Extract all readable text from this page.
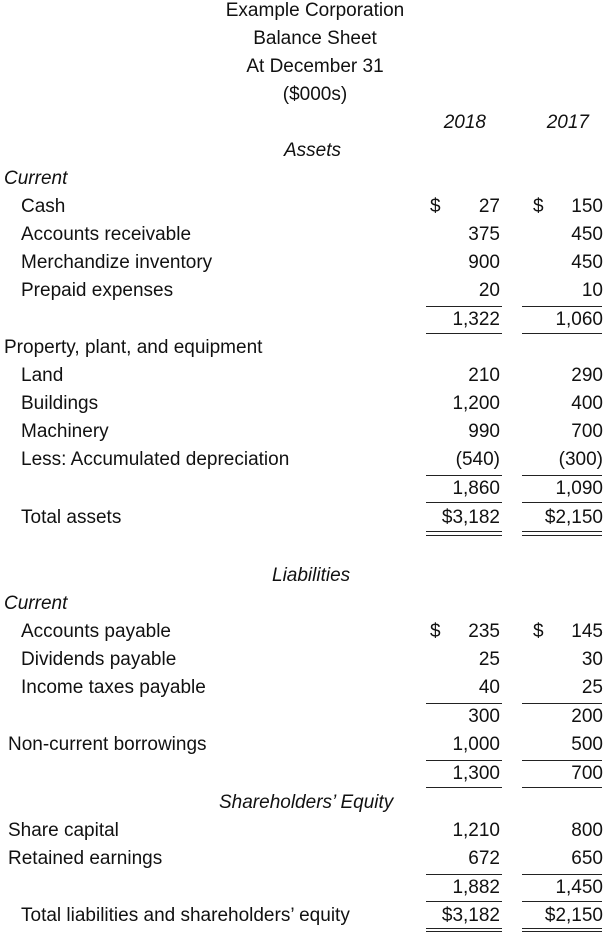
Example Corporation
Balance Sheet
At December 31
($000s)
2018	2017
Assets
Current
Cash	$ 27 $ 150
Accounts receivable	375	450
Merchandize inventory	900	450
Prepaid expenses	20	10
1,322	1,060
Property, plant, and equipment
Land	210	290
Buildings	1,200	400
Machinery	990	700
Less: Accumulated depreciation	(540)	(300)
1,860	1,090
Total assets	$3,182	$2,150
Liabilities
Current
Accounts payable	$ 235 $ 145
Dividends payable	25	30
Income taxes payable	40	25
300	200
Non-current borrowings	1,000	500
1,300	700
Shareholders’ Equity
Share capital	1,210	800
Retained earnings	672	650
1,882	1,450
Total liabilities and shareholders’ equity	$3,182	$2,150
